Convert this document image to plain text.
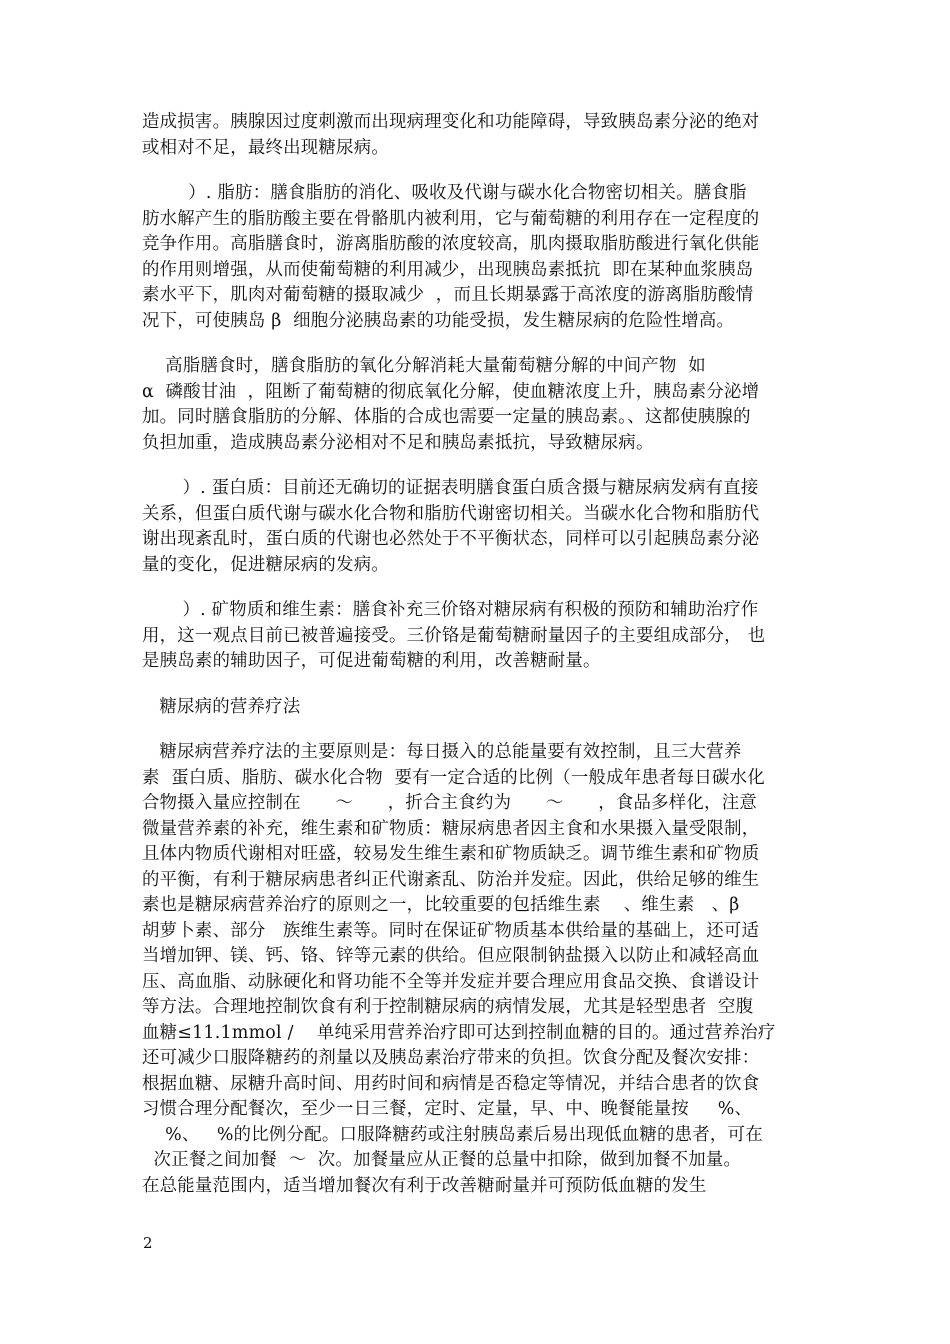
造成损害。胰腺因过度刺激而出现病理变化和功能障碍，导致胰岛素分泌的绝对
或相对不足，最终出现糖尿病。
）. 脂肪：膳食脂肪的消化、吸收及代谢与碳水化合物密切相关。膳食脂
肪水解产生的脂肪酸主要在骨骼肌内被利用，它与葡萄糖的利用存在一定程度的
竞争作用。高脂膳食时，游离脂肪酸的浓度较高，肌肉摄取脂肪酸进行氧化供能
的作用则增强，从而使葡萄糖的利用减少，出现胰岛素抵抗  即在某种血浆胰岛
素水平下，肌肉对葡萄糖的摄取减少  ，而且长期暴露于高浓度的游离脂肪酸情
况下，可使胰岛 β  细胞分泌胰岛素的功能受损，发生糖尿病的危险性增高。
高脂膳食时，膳食脂肪的氧化分解消耗大量葡萄糖分解的中间产物  如
α  磷酸甘油  ，阻断了葡萄糖的彻底氧化分解，使血糖浓度上升，胰岛素分泌增
加。同时膳食脂肪的分解、体脂的合成也需要一定量的胰岛素。、这都使胰腺的
负担加重，造成胰岛素分泌相对不足和胰岛素抵抗，导致糖尿病。
）. 蛋白质：目前还无确切的证据表明膳食蛋白质含摄与糖尿病发病有直接
关系，但蛋白质代谢与碳水化合物和脂肪代谢密切相关。当碳水化合物和脂肪代
谢出现紊乱时，蛋白质的代谢也必然处于不平衡状态，同样可以引起胰岛素分泌
量的变化，促进糖尿病的发病。
）. 矿物质和维生素：膳食补充三价铬对糖尿病有积极的预防和辅助治疗作
用，这一观点目前已被普遍接受。三价铬是葡萄糖耐量因子的主要组成部分， 也
是胰岛素的辅助因子，可促进葡萄糖的利用，改善糖耐量。
糖尿病的营养疗法
糖尿病营养疗法的主要原则是：每日摄入的总能量要有效控制，且三大营养
素  蛋白质、脂肪、碳水化合物  要有一定合适的比例（一般成年患者每日碳水化
合物摄入量应控制在      ～      ，折合主食约为      ～      ，食品多样化，注意
微量营养素的补充，维生素和矿物质：糖尿病患者因主食和水果摄入量受限制，
且体内物质代谢相对旺盛，较易发生维生素和矿物质缺乏。调节维生素和矿物质
的平衡，有利于糖尿病患者纠正代谢紊乱、防治并发症。因此，供给足够的维生
素也是糖尿病营养治疗的原则之一，比较重要的包括维生素    、维生素   、β
胡萝卜素、部分   族维生素等。同时在保证矿物质基本供给量的基础上，还可适
当增加钾、镁、钙、铬、锌等元素的供给。但应限制钠盐摄入以防止和减轻高血
压、高血脂、动脉硬化和肾功能不全等并发症并要合理应用食品交换、食谱设计
等方法。合理地控制饮食有利于控制糖尿病的病情发展，尤其是轻型患者  空腹
血糖≤11.1mmol /    单纯采用营养治疗即可达到控制血糖的目的。通过营养治疗
还可减少口服降糖药的剂量以及胰岛素治疗带来的负担。饮食分配及餐次安排：
根据血糖、尿糖升高时间、用药时间和病情是否稳定等情况，并结合患者的饮食
习惯合理分配餐次，至少一日三餐，定时、定量，早、中、晚餐能量按     %、
%、   %的比例分配。口服降糖药或注射胰岛素后易出现低血糖的患者，可在
次正餐之间加餐  ～  次。加餐量应从正餐的总量中扣除，做到加餐不加量。
在总能量范围内，适当增加餐次有利于改善糖耐量并可预防低血糖的发生
2
